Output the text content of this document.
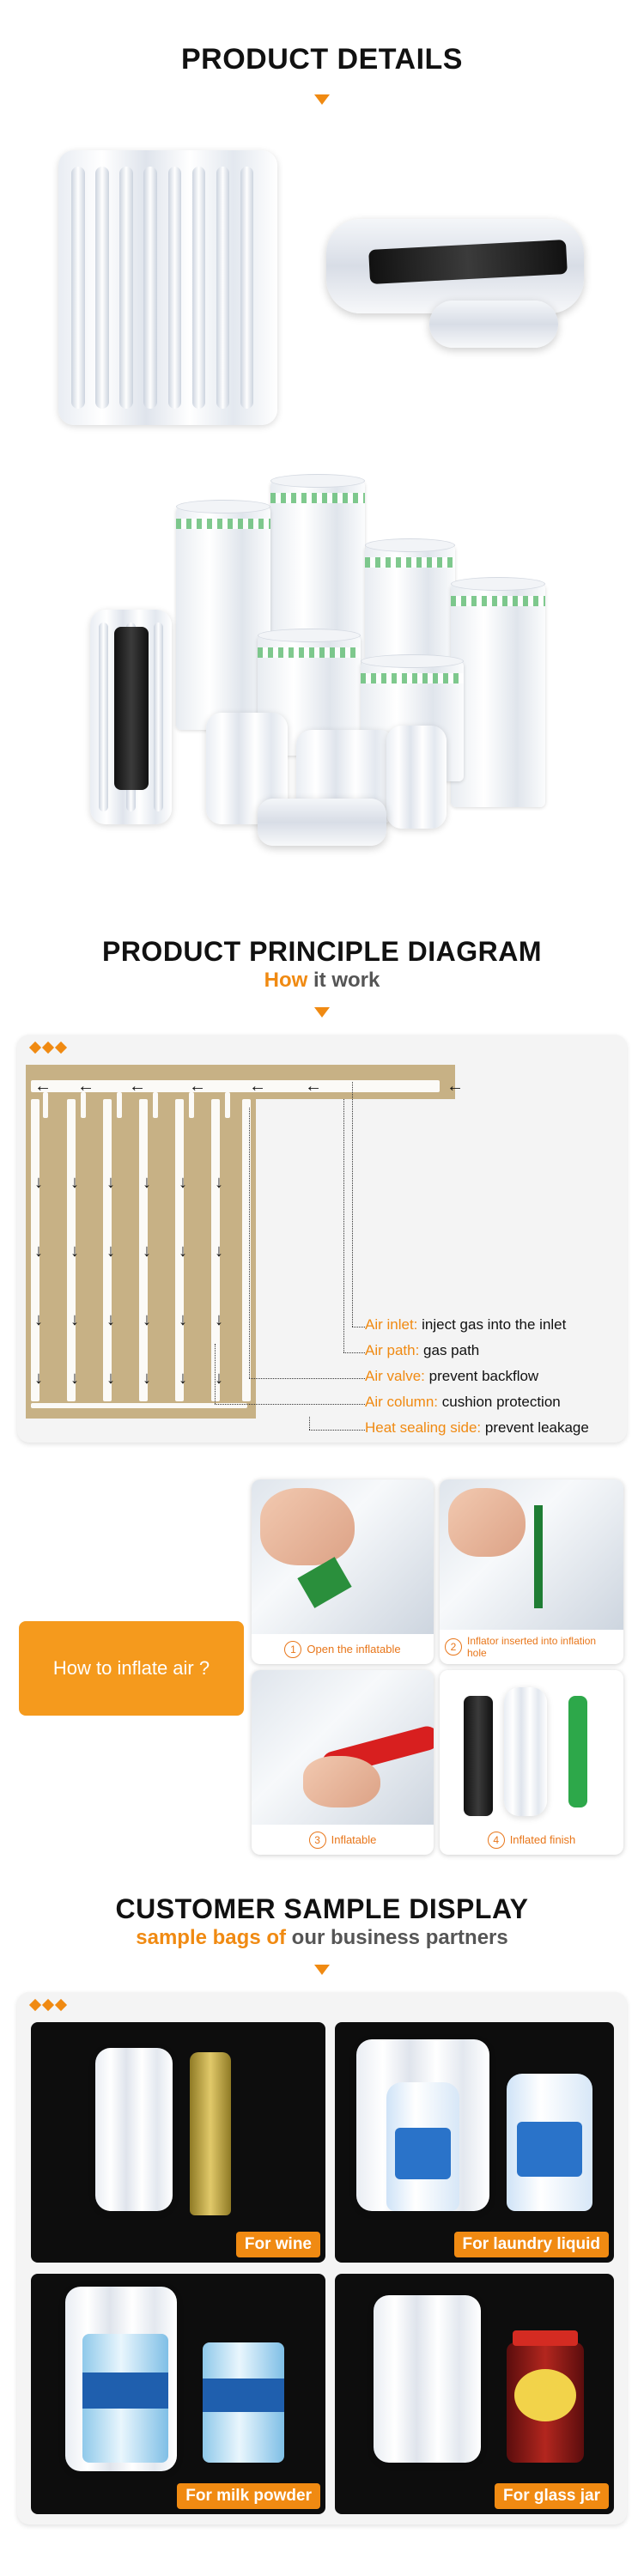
PRODUCT DETAILS
PRODUCT PRINCIPLE DIAGRAM
How it work
← ← ←	←	← ←	←
↓ ↓ ↓ ↓ ↓ ↓
↓ ↓ ↓ ↓ ↓ ↓
↓ ↓ ↓ ↓ ↓ ↓
↓ ↓ ↓ ↓ ↓ ↓
Air inlet: inject gas into the inlet
Air path: gas path
Air valve: prevent backflow
Air column: cushion protection
Heat sealing side: prevent leakage
How to inflate air ?
1 Open the inflatable	2	Inflator inserted into inflation hole
3 Inflatable	4 Inflated finish
CUSTOMER SAMPLE DISPLAY
sample bags of our business partners
For wine	For laundry liquid
For milk powder	For glass jar
